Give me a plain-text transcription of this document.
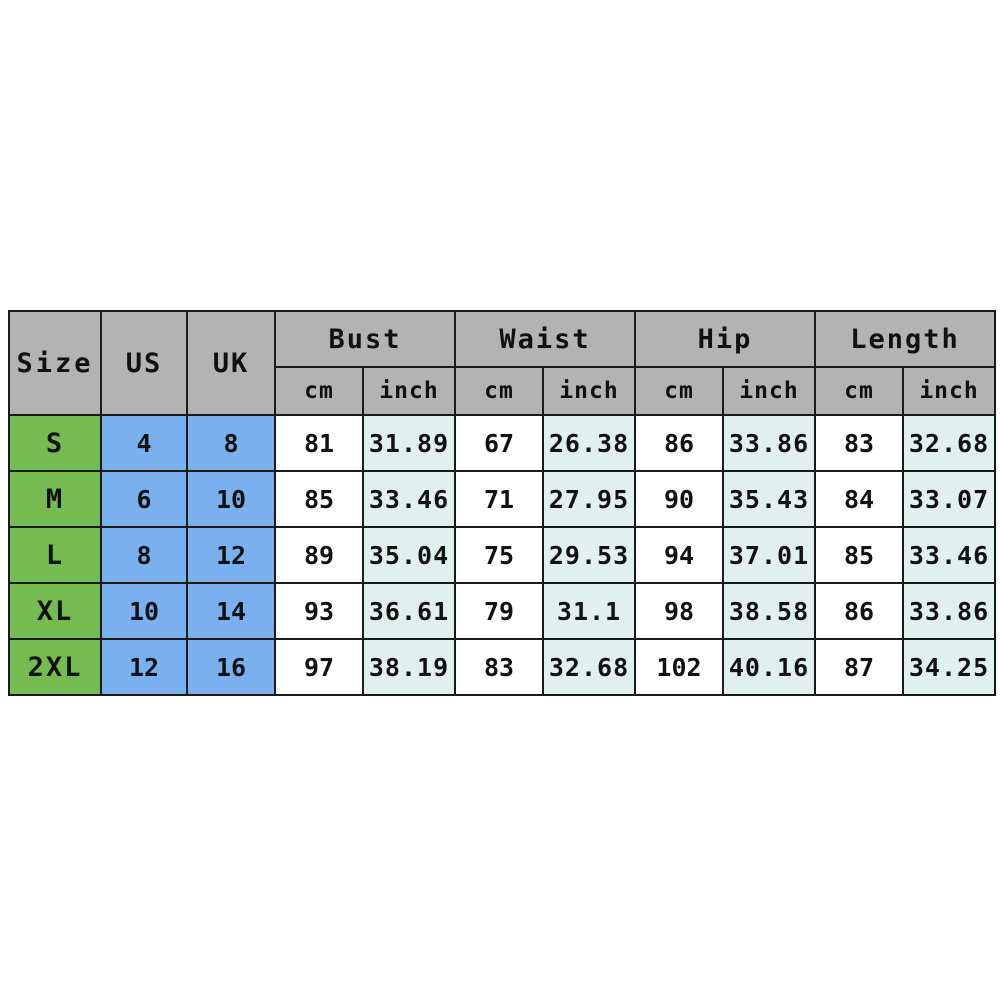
Size	US	UK	Bust		Waist		Hip		Length	
			cm	inch	cm	inch	cm	inch	cm	inch
S	4	8	81	31.89	67	26.38	86	33.86	83	32.68
M	6	10	85	33.46	71	27.95	90	35.43	84	33.07
L	8	12	89	35.04	75	29.53	94	37.01	85	33.46
XL	10	14	93	36.61	79	31.1	98	38.58	86	33.86
2XL	12	16	97	38.19	83	32.68	102	40.16	87	34.25
